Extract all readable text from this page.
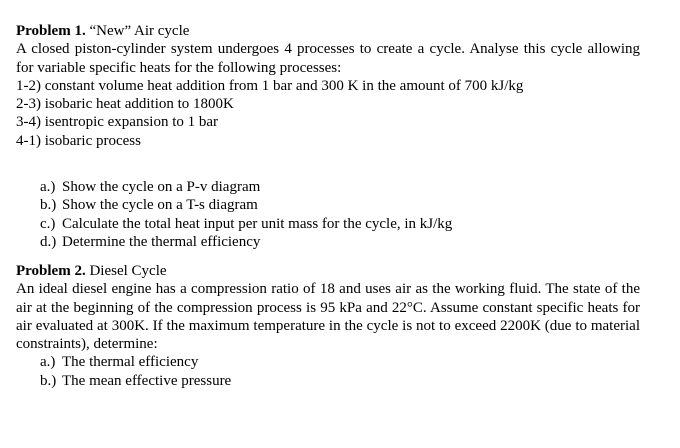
Problem 1. “New” Air cycle

A closed piston-cylinder system undergoes 4 processes to create a cycle. Analyse this cycle allowing for variable specific heats for the following processes:

1-2) constant volume heat addition from 1 bar and 300 K in the amount of 700 kJ/kg

2-3) isobaric heat addition to 1800K

3-4) isentropic expansion to 1 bar

4-1) isobaric process

a.) Show the cycle on a P-v diagram
b.) Show the cycle on a T-s diagram
c.) Calculate the total heat input per unit mass for the cycle, in kJ/kg
d.) Determine the thermal efficiency

Problem 2. Diesel Cycle

An ideal diesel engine has a compression ratio of 18 and uses air as the working fluid. The state of the air at the beginning of the compression process is 95 kPa and 22°C. Assume constant specific heats for air evaluated at 300K. If the maximum temperature in the cycle is not to exceed 2200K (due to material constraints), determine:

a.) The thermal efficiency
b.) The mean effective pressure
